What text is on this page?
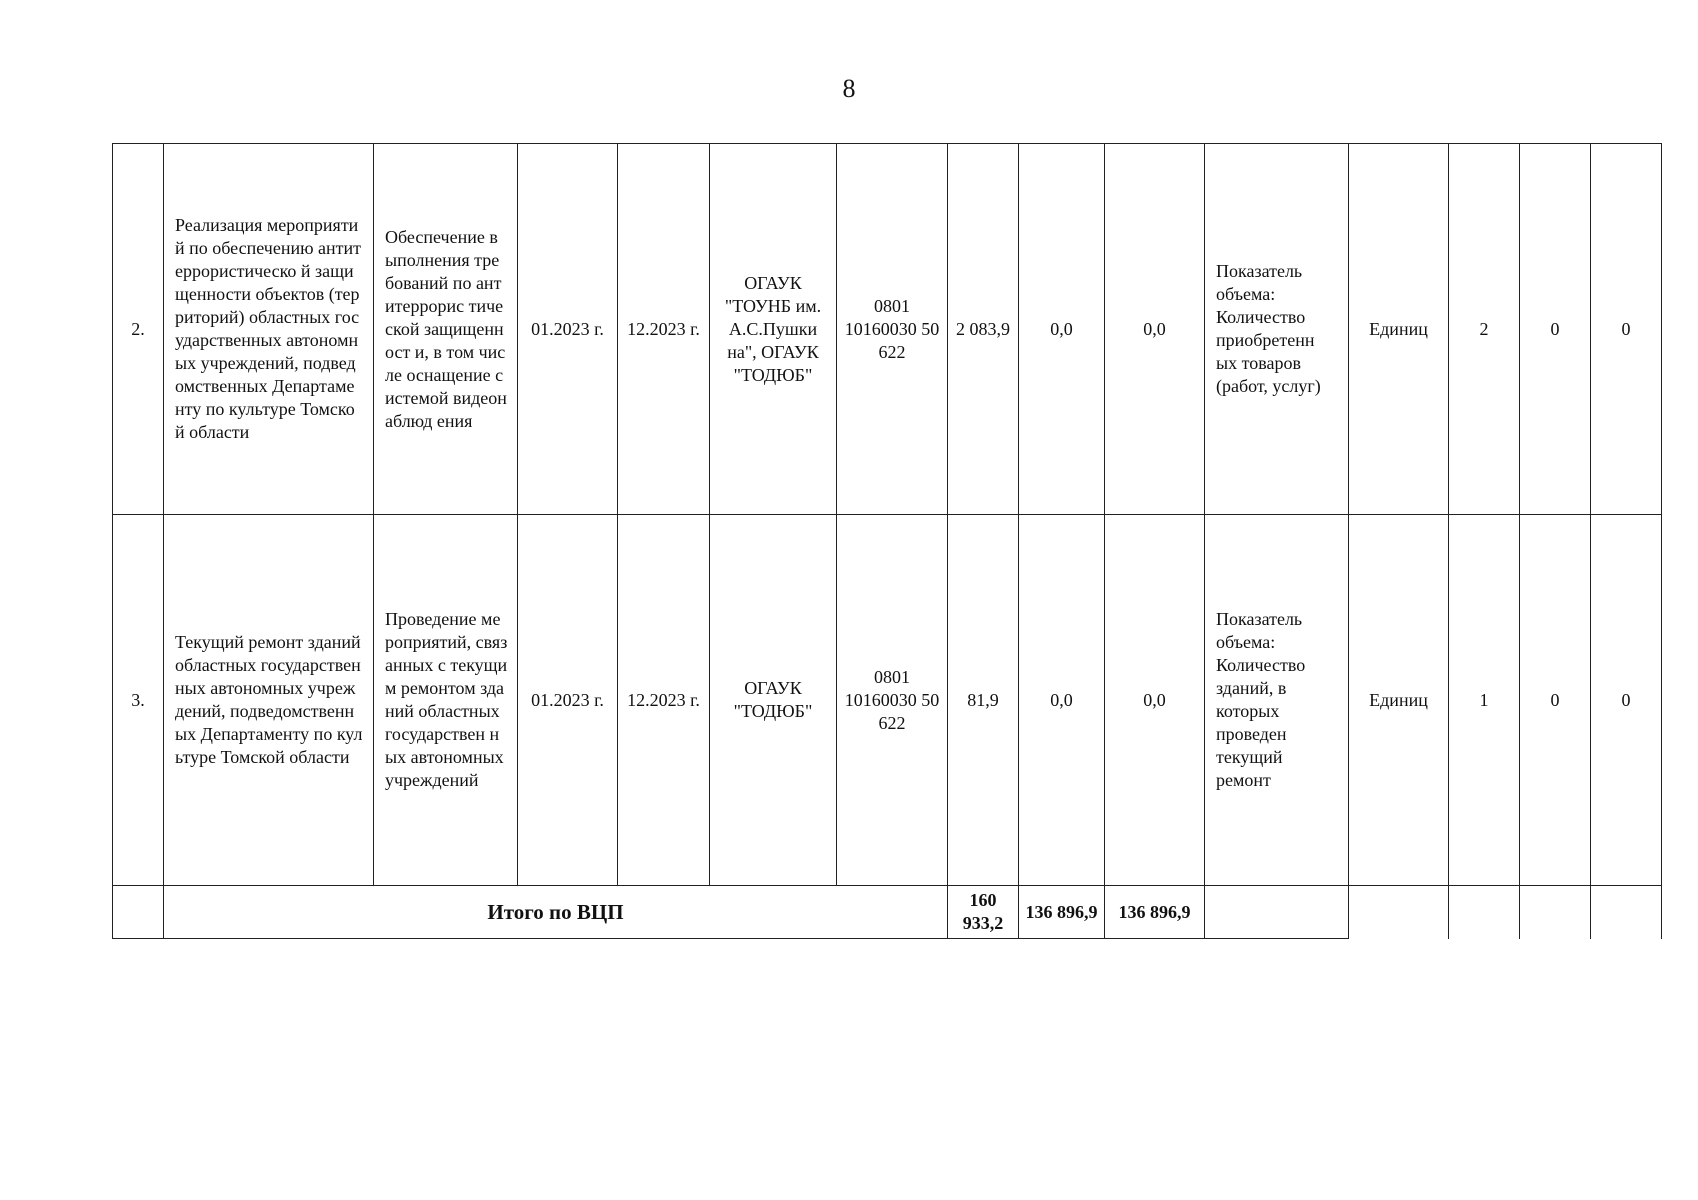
8
2.	Реализация мероприятий по обеспечению антитеррористическо й защищенности объектов (территорий) областных государственных автономных учреждений, подведомственных Департаменту по культуре Томской области	Обеспечение выполнения требований по антитеррорис тической защищенност и, в том числе оснащение системой видеонаблюд ения	01.2023 г.	12.2023 г.	ОГАУК "ТОУНБ им. А.С.Пушки на", ОГАУК "ТОДЮБ"	0801 10160030 50 622	2 083,9	0,0	0,0	Показатель объема: Количество приобретенн ых товаров (работ, услуг)	Единиц	2	0	0
3.	Текущий ремонт зданий областных государственных автономных учреждений, подведомственных Департаменту по культуре Томской области	Проведение мероприятий, связанных с текущим ремонтом зданий областных государствен ных автономных учреждений	01.2023 г.	12.2023 г.	ОГАУК "ТОДЮБ"	0801 10160030 50 622	81,9	0,0	0,0	Показатель объема: Количество зданий, в которых проведен текущий ремонт	Единиц	1	0	0
	Итого по ВЦП						160 933,2	136 896,9	136 896,9					
